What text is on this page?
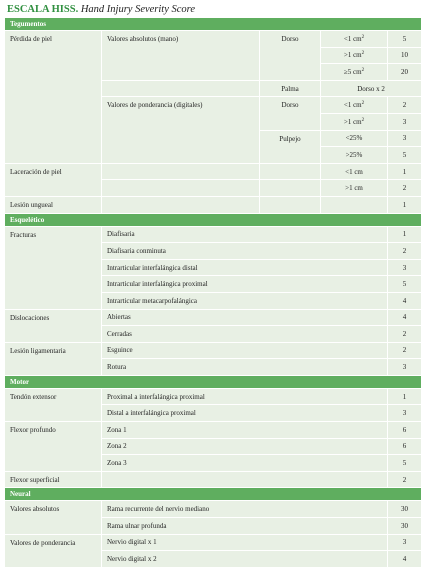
ESCALA HISS. Hand Injury Severity Score
Tegumentos				
Pérdida de piel	Valores absolutos (mano)	Dorso	<1 $cm^2$	5
			>1 $cm^2$	10
			≥5 $cm^2$	20
		Palma	Dorso x 2	
	Valores de ponderancia (digitales)	Dorso	<1 $cm^2$	2
			>1 $cm^2$	3
		Pulpejo	<25%	3
			>25%	5
Laceración de piel			<1 cm	1
			>1 cm	2
Lesión ungueal				1
Esquelético				
Fracturas	Diafisaria			1
	Diafisaria conminuta			2
	Intrarticular interfalángica distal			3
	Intrarticular interfalángica proximal			5
	Intrarticular metacarpofalángica			4
Dislocaciones	Abiertas			4
	Cerradas			2
Lesión ligamentaria	Esguince			2
	Rotura			3
Motor				
Tendón extensor	Proximal a interfalángica proximal			1
	Distal a interfalángica proximal			3
Flexor profundo	Zona 1			6
	Zona 2			6
	Zona 3			5
Flexor superficial				2
Neural				
Valores absolutos	Rama recurrente del nervio mediano			30
	Rama ulnar profunda			30
Valores de ponderancia	Nervio digital x 1			3
	Nervio digital x 2			4
